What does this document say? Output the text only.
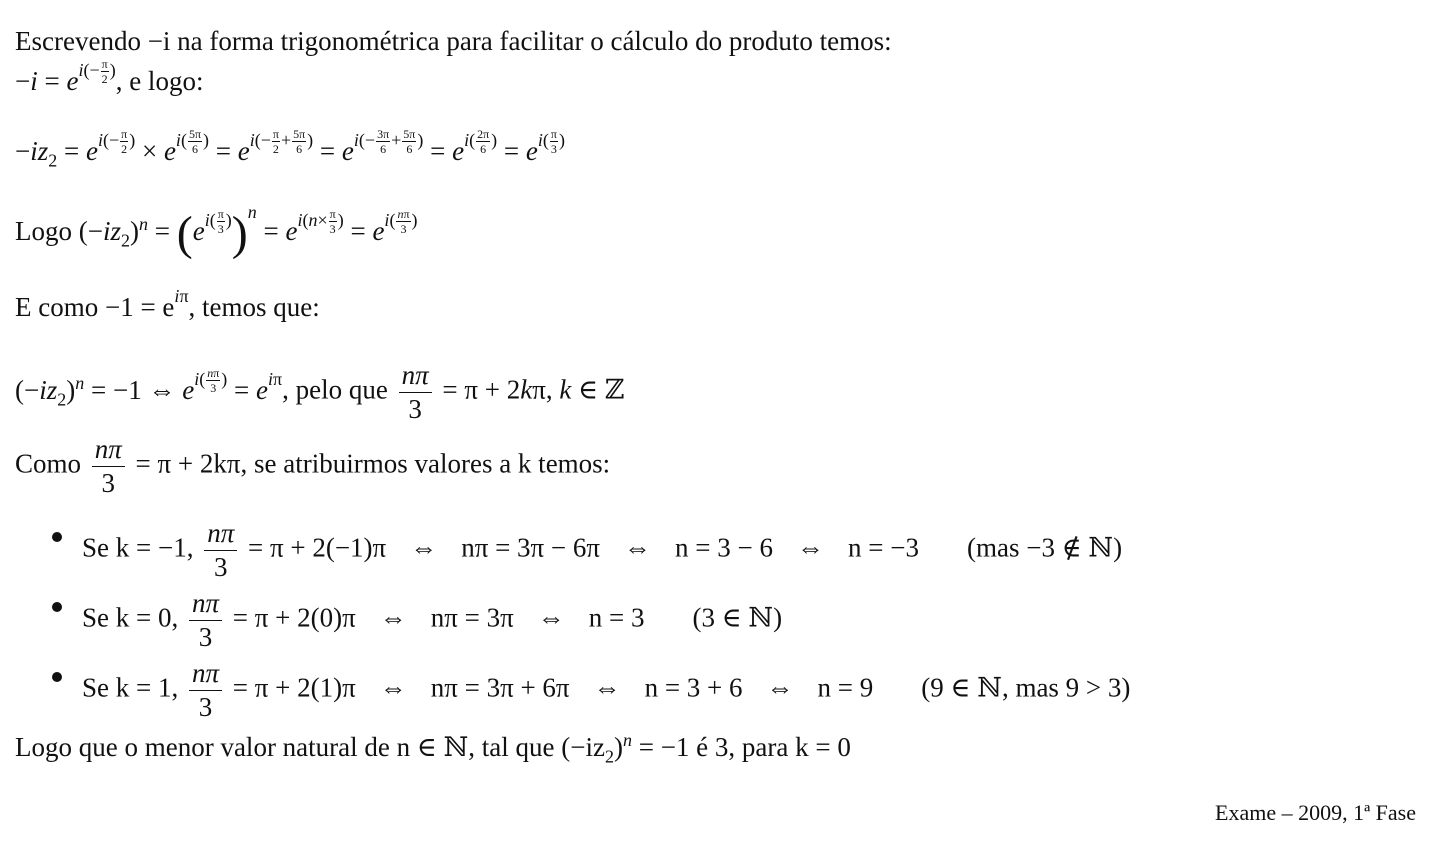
Escrevendo −i na forma trigonométrica para facilitar o cálculo do produto temos:
$-i = e^{i(- \frac{\pi}{2} )}$, e logo:
$-iz_2 = e^{i(- \frac{\pi}{2} )} \times e^{i( \frac{5\pi}{6} )} = e^{i(- \frac{\pi}{2} + \frac{5\pi}{6} )} = e^{i(- \frac{3\pi}{6} + \frac{5\pi}{6} )} = e^{i( \frac{2\pi}{6} )} = e^{i( \frac{\pi}{3} )}$
Logo $(-iz_2)^n = (e^{i( \frac{\pi}{3} )})^n = e^{i(n\times \frac{\pi}{3} )} = e^{i( \frac{n\pi}{3} )}$
E como $-1 = e^{i\pi}$, temos que:
$(-iz_2)^n = -1$ ⇔ $e^{i( \frac{n\pi}{3} )} = e^{i\pi}$, pelo que $\frac{n\pi}{3} = \pi + 2k\pi$, k ∈ ℤ
Como $\frac{n\pi}{3} = \pi + 2k\pi$, se atribuirmos valores a k temos:
Se k = −1, $\frac{n\pi}{3} = \pi + 2(-1)\pi$ ⇔ nπ = 3π − 6π ⇔ n = 3 − 6 ⇔ n = −3 (mas −3 ∉ ℕ)
Se k = 0, $\frac{n\pi}{3} = \pi + 2(0)\pi$ ⇔ nπ = 3π ⇔ n = 3 (3 ∈ ℕ)
Se k = 1, $\frac{n\pi}{3} = \pi + 2(1)\pi$ ⇔ nπ = 3π + 6π ⇔ n = 3 + 6 ⇔ n = 9 (9 ∈ ℕ, mas 9 > 3)
Logo que o menor valor natural de n ∈ ℕ, tal que $(-iz_2)^n = -1$ é 3, para k = 0
Exame – 2009, 1ª Fase
